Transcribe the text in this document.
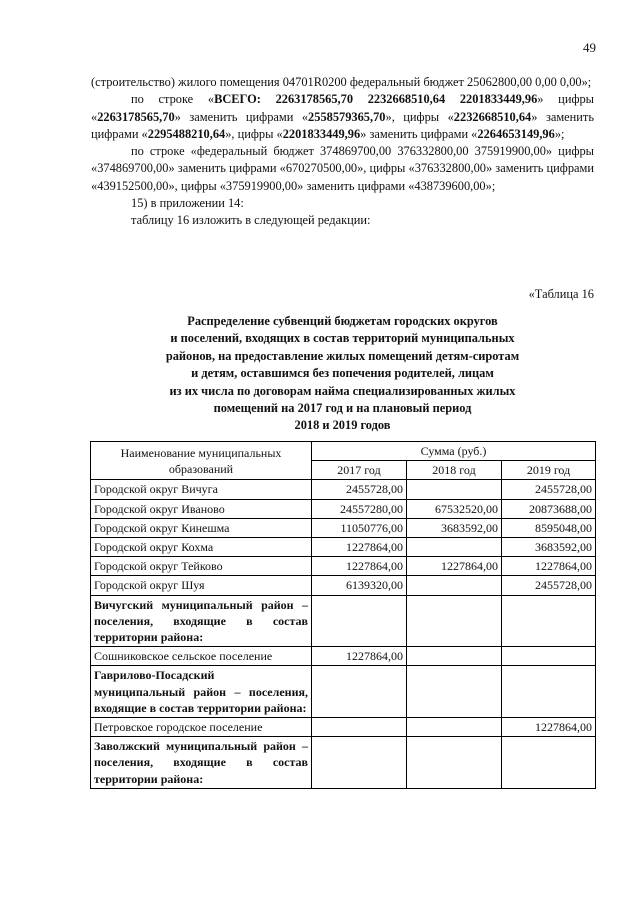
49

(строительство) жилого помещения 04701R0200 федеральный бюджет 25062800,00 0,00 0,00»;

по строке «ВСЕГО: 2263178565,70 2232668510,64 2201833449,96» цифры «2263178565,70» заменить цифрами «2558579365,70», цифры «2232668510,64» заменить цифрами «2295488210,64», цифры «2201833449,96» заменить цифрами «2264653149,96»;

по строке «федеральный бюджет 374869700,00 376332800,00 375919900,00» цифры «374869700,00» заменить цифрами «670270500,00», цифры «376332800,00» заменить цифрами «439152500,00», цифры «375919900,00» заменить цифрами «438739600,00»;

15) в приложении 14:

таблицу 16 изложить в следующей редакции:

«Таблица 16
Распределение субвенций бюджетам городских округов
и поселений, входящих в состав территорий муниципальных
районов, на предоставление жилых помещений детям-сиротам
и детям, оставшимся без попечения родителей, лицам
из их числа по договорам найма специализированных жилых
помещений на 2017 год и на плановый период
2018 и 2019 годов
Наименование муниципальных образований	Сумма (руб.)		
	2017 год	2018 год	2019 год
Городской округ Вичуга	2455728,00		2455728,00
Городской округ Иваново	24557280,00	67532520,00	20873688,00
Городской округ Кинешма	11050776,00	3683592,00	8595048,00
Городской округ Кохма	1227864,00		3683592,00
Городской округ Тейково	1227864,00	1227864,00	1227864,00
Городской округ Шуя	6139320,00		2455728,00
Вичугский муниципальный район – поселения, входящие в состав территории района:			
Сошниковское сельское поселение	1227864,00		
Гаврилово-Посадский муниципальный район – поселения, входящие в состав территории района:			
Петровское городское поселение			1227864,00
Заволжский муниципальный район – поселения, входящие в состав территории района:			
